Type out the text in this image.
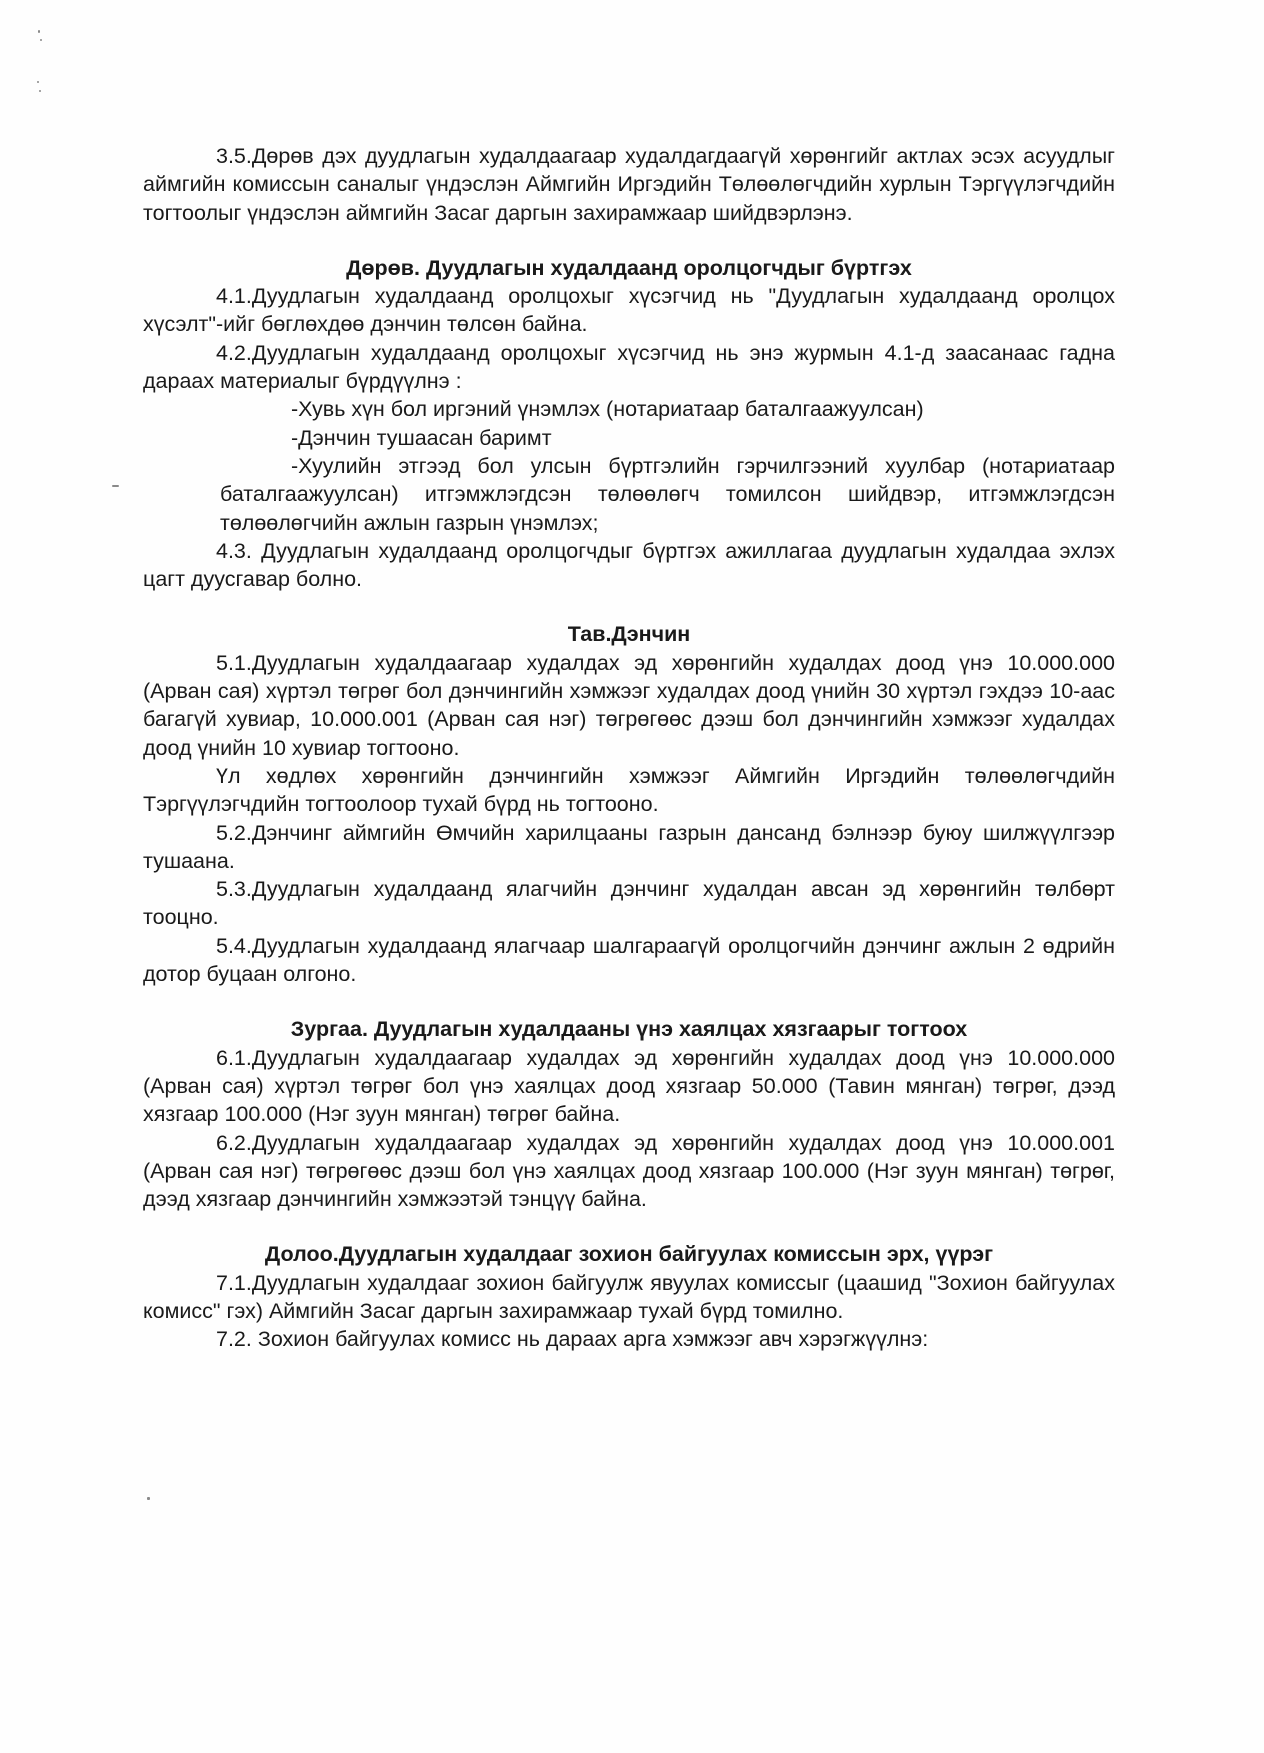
3.5.Дөрөв дэх дуудлагын худалдаагаар худалдагдаагүй хөрөнгийг актлах эсэх асуудлыг аймгийн комиссын саналыг үндэслэн Аймгийн Иргэдийн Төлөөлөгчдийн хурлын Тэргүүлэгчдийн тогтоолыг үндэслэн аймгийн Засаг даргын захирамжаар шийдвэрлэнэ.

Дөрөв. Дуудлагын худалдаанд оролцогчдыг бүртгэх

4.1.Дуудлагын худалдаанд оролцохыг хүсэгчид нь "Дуудлагын худалдаанд оролцох хүсэлт"-ийг бөглөхдөө дэнчин төлсөн байна.

4.2.Дуудлагын худалдаанд оролцохыг хүсэгчид нь энэ журмын 4.1-д заасанаас гадна дараах материалыг бүрдүүлнэ :

-Хувь хүн бол иргэний үнэмлэх (нотариатаар баталгаажуулсан)

-Дэнчин тушаасан баримт

-Хуулийн этгээд бол улсын бүртгэлийн гэрчилгээний хуулбар (нотариатаар баталгаажуулсан) итгэмжлэгдсэн төлөөлөгч томилсон шийдвэр, итгэмжлэгдсэн төлөөлөгчийн ажлын газрын үнэмлэх;

4.3. Дуудлагын худалдаанд оролцогчдыг бүртгэх ажиллагаа дуудлагын худалдаа эхлэх цагт дуусгавар болно.

Тав.Дэнчин

5.1.Дуудлагын худалдаагаар худалдах эд хөрөнгийн худалдах доод үнэ 10.000.000 (Арван сая) хүртэл төгрөг бол дэнчингийн хэмжээг худалдах доод үнийн 30 хүртэл гэхдээ 10-аас багагүй хувиар, 10.000.001 (Арван сая нэг) төгрөгөөс дээш бол дэнчингийн хэмжээг худалдах доод үнийн 10 хувиар тогтооно.

Үл хөдлөх хөрөнгийн дэнчингийн хэмжээг Аймгийн Иргэдийн төлөөлөгчдийн Тэргүүлэгчдийн тогтоолоор тухай бүрд нь тогтооно.

5.2.Дэнчинг аймгийн Өмчийн харилцааны газрын дансанд бэлнээр буюу шилжүүлгээр тушаана.

5.3.Дуудлагын худалдаанд ялагчийн дэнчинг худалдан авсан эд хөрөнгийн төлбөрт тооцно.

5.4.Дуудлагын худалдаанд ялагчаар шалгараагүй оролцогчийн дэнчинг ажлын 2 өдрийн дотор буцаан олгоно.

Зургаа. Дуудлагын худалдааны үнэ хаялцах хязгаарыг тогтоох

6.1.Дуудлагын худалдаагаар худалдах эд хөрөнгийн худалдах доод үнэ 10.000.000 (Арван сая) хүртэл төгрөг бол үнэ хаялцах доод хязгаар 50.000 (Тавин мянган) төгрөг, дээд хязгаар 100.000 (Нэг зуун мянган) төгрөг байна.

6.2.Дуудлагын худалдаагаар худалдах эд хөрөнгийн худалдах доод үнэ 10.000.001 (Арван сая нэг) төгрөгөөс дээш бол үнэ хаялцах доод хязгаар 100.000 (Нэг зуун мянган) төгрөг, дээд хязгаар дэнчингийн хэмжээтэй тэнцүү байна.

Долоо.Дуудлагын худалдааг зохион байгуулах комиссын эрх, үүрэг

7.1.Дуудлагын худалдааг зохион байгуулж явуулах комиссыг (цаашид "Зохион байгуулах комисс" гэх) Аймгийн Засаг даргын захирамжаар тухай бүрд томилно.

7.2. Зохион байгуулах комисс нь дараах арга хэмжээг авч хэрэгжүүлнэ:
